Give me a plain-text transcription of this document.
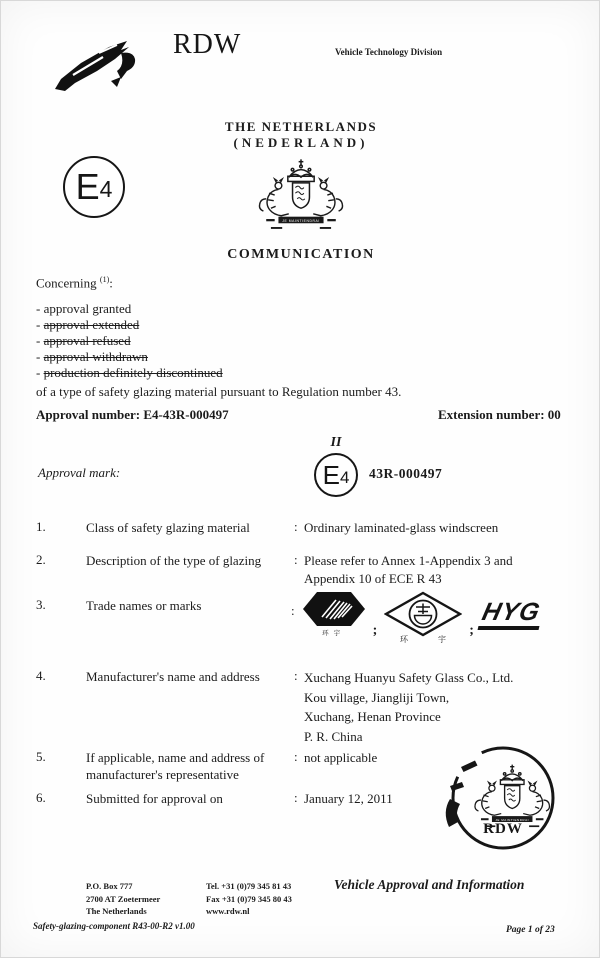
RDW	Vehicle Technology Division
THE NETHERLANDS
(NEDERLAND)
E 4
COMMUNICATION
Concerning $^{(1)}$:
- approval granted
- approval extended
- approval refused
- approval withdrawn
- production definitely discontinued
of a type of safety glazing material pursuant to Regulation number 43.
Approval number: E4-43R-000497	Extension number: 00
Approval mark:
II
E 4 43R-000497
1.	Class of safety glazing material	: Ordinary laminated-glass windscreen
2.	Description of the type of glazing	: Please refer to Annex 1-Appendix 3 and
Appendix 10 of ECE R 43
3.	Trade names or marks	:
环宇 ;
环	宇
;
HYG
4.	Manufacturer's name and address	: Xuchang Huanyu Safety Glass Co., Ltd.
Kou village, Jiangliji Town,
Xuchang, Henan Province
P. R. China
5.	If applicable, name and address of
manufacturer's representative
: not applicable
6.	Submitted for approval on	: January 12, 2011
RDW
P.O. Box 777
2700 AT Zoetermeer
The Netherlands
Tel. +31 (0)79 345 81 43
Fax +31 (0)79 345 80 43
www.rdw.nl
Vehicle Approval and Information
Safety-glazing-component R43-00-R2 v1.00	Page 1 of 23
